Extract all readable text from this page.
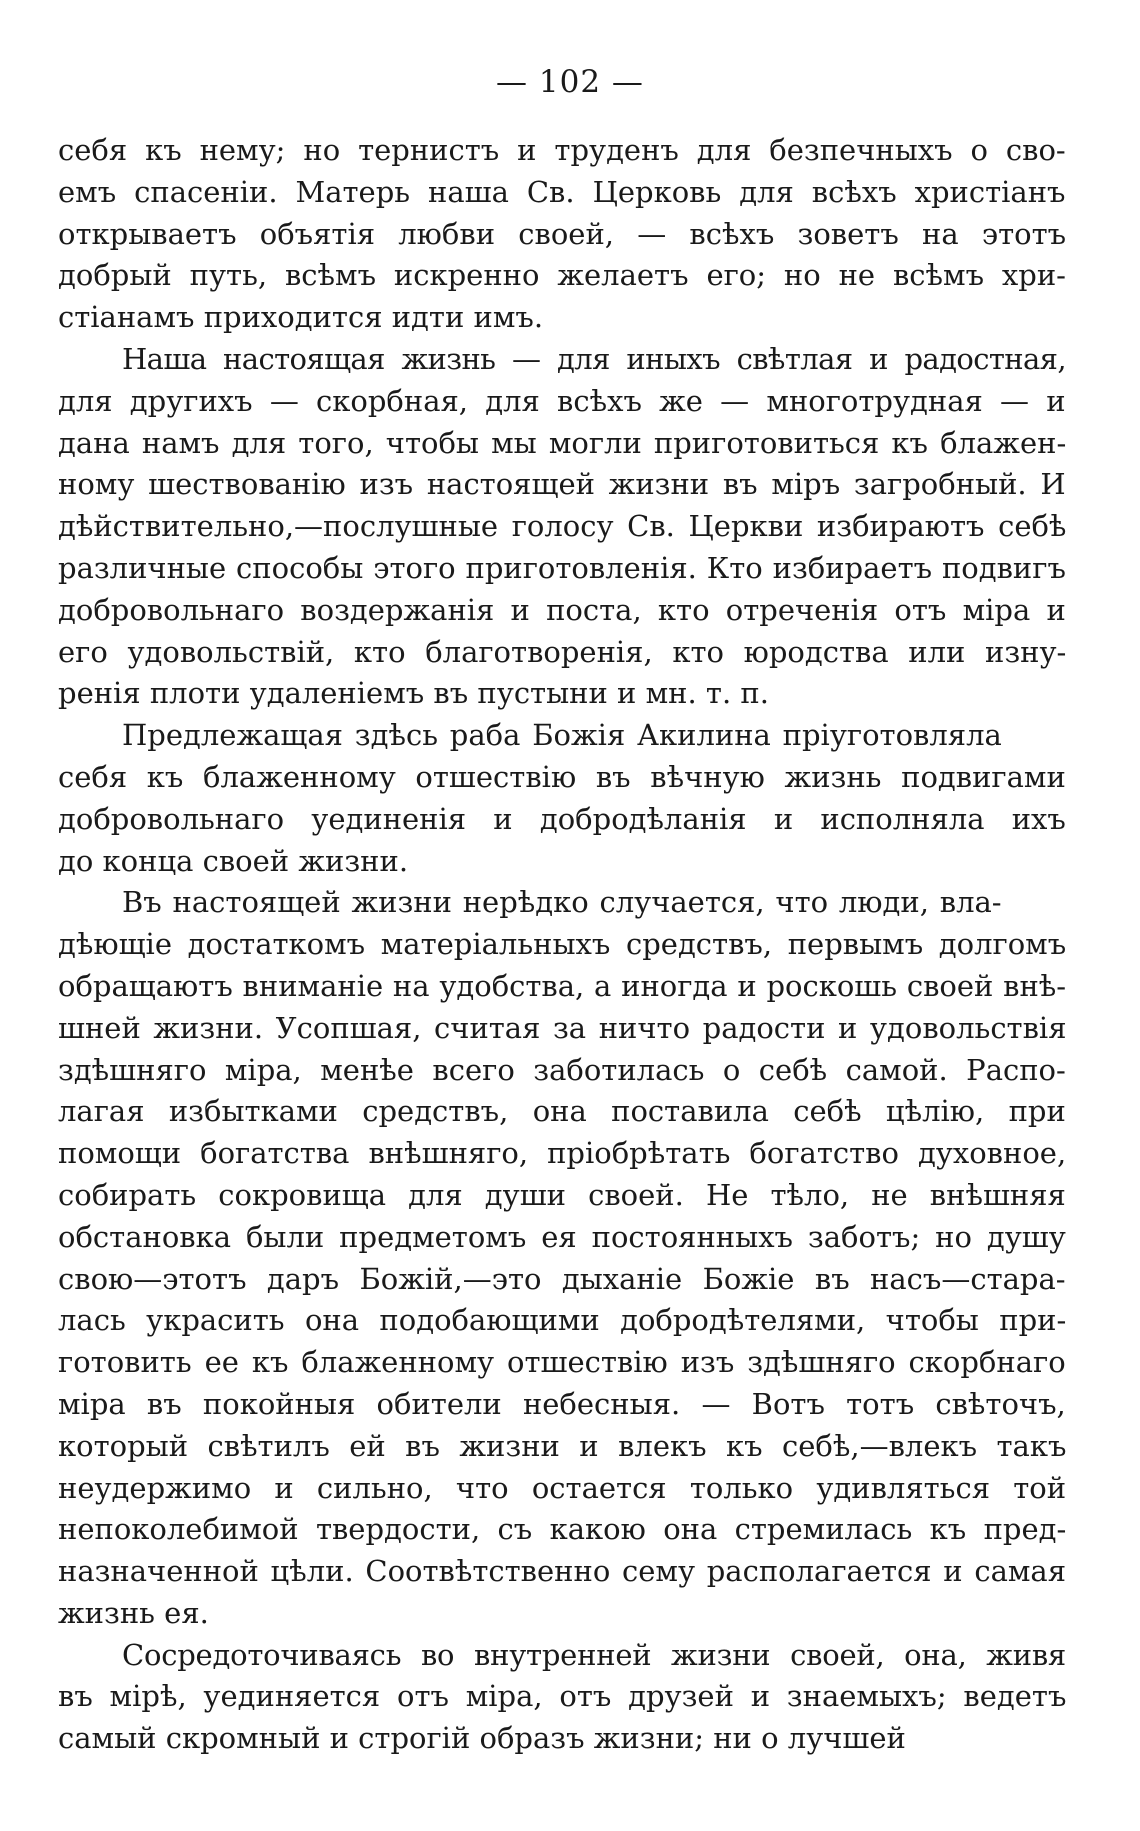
— 102 —
себя къ нему; но тернистъ и труденъ для безпечныхъ о сво-
емъ спасеніи. Матерь наша Св. Церковь для всѣхъ христіанъ
открываетъ объятія любви своей, — всѣхъ зоветъ на этотъ
добрый путь, всѣмъ искренно желаетъ его; но не всѣмъ хри-
стіанамъ приходится идти имъ.
Наша настоящая жизнь — для иныхъ свѣтлая и радостная,
для другихъ — скорбная, для всѣхъ же — многотрудная — и
дана намъ для того, чтобы мы могли приготовиться къ блажен-
ному шествованію изъ настоящей жизни въ міръ загробный. И
дѣйствительно,—послушные голосу Св. Церкви избираютъ себѣ
различные способы этого приготовленія. Кто избираетъ подвигъ
добровольнаго воздержанія и поста, кто отреченія отъ міра и
его удовольствій, кто благотворенія, кто юродства или изну-
ренія плоти удаленіемъ въ пустыни и мн. т. п.
Предлежащая здѣсь раба Божія Акилина пріуготовляла
себя къ блаженному отшествію въ вѣчную жизнь подвигами
добровольнаго уединенія и добродѣланія и исполняла ихъ
до конца своей жизни.
Въ настоящей жизни нерѣдко случается, что люди, вла-
дѣющіе достаткомъ матеріальныхъ средствъ, первымъ долгомъ
обращаютъ вниманіе на удобства, а иногда и роскошь своей внѣ-
шней жизни. Усопшая, считая за ничто радости и удовольствія
здѣшняго міра, менѣе всего заботилась о себѣ самой. Распо-
лагая избытками средствъ, она поставила себѣ цѣлію, при
помощи богатства внѣшняго, пріобрѣтать богатство духовное,
собирать сокровища для души своей. Не тѣло, не внѣшняя
обстановка были предметомъ ея постоянныхъ заботъ; но душу
свою—этотъ даръ Божій,—это дыханіе Божіе въ насъ—стара-
лась украсить она подобающими добродѣтелями, чтобы при-
готовить ее къ блаженному отшествію изъ здѣшняго скорбнаго
міра въ покойныя обители небесныя. — Вотъ тотъ свѣточъ,
который свѣтилъ ей въ жизни и влекъ къ себѣ,—влекъ такъ
неудержимо и сильно, что остается только удивляться той
непоколебимой твердости, съ какою она стремилась къ пред-
назначенной цѣли. Соотвѣтственно сему располагается и самая
жизнь ея.
Сосредоточиваясь во внутренней жизни своей, она, живя
въ мірѣ, уединяется отъ міра, отъ друзей и знаемыхъ; ведетъ
самый скромный и строгій образъ жизни; ни о лучшей
